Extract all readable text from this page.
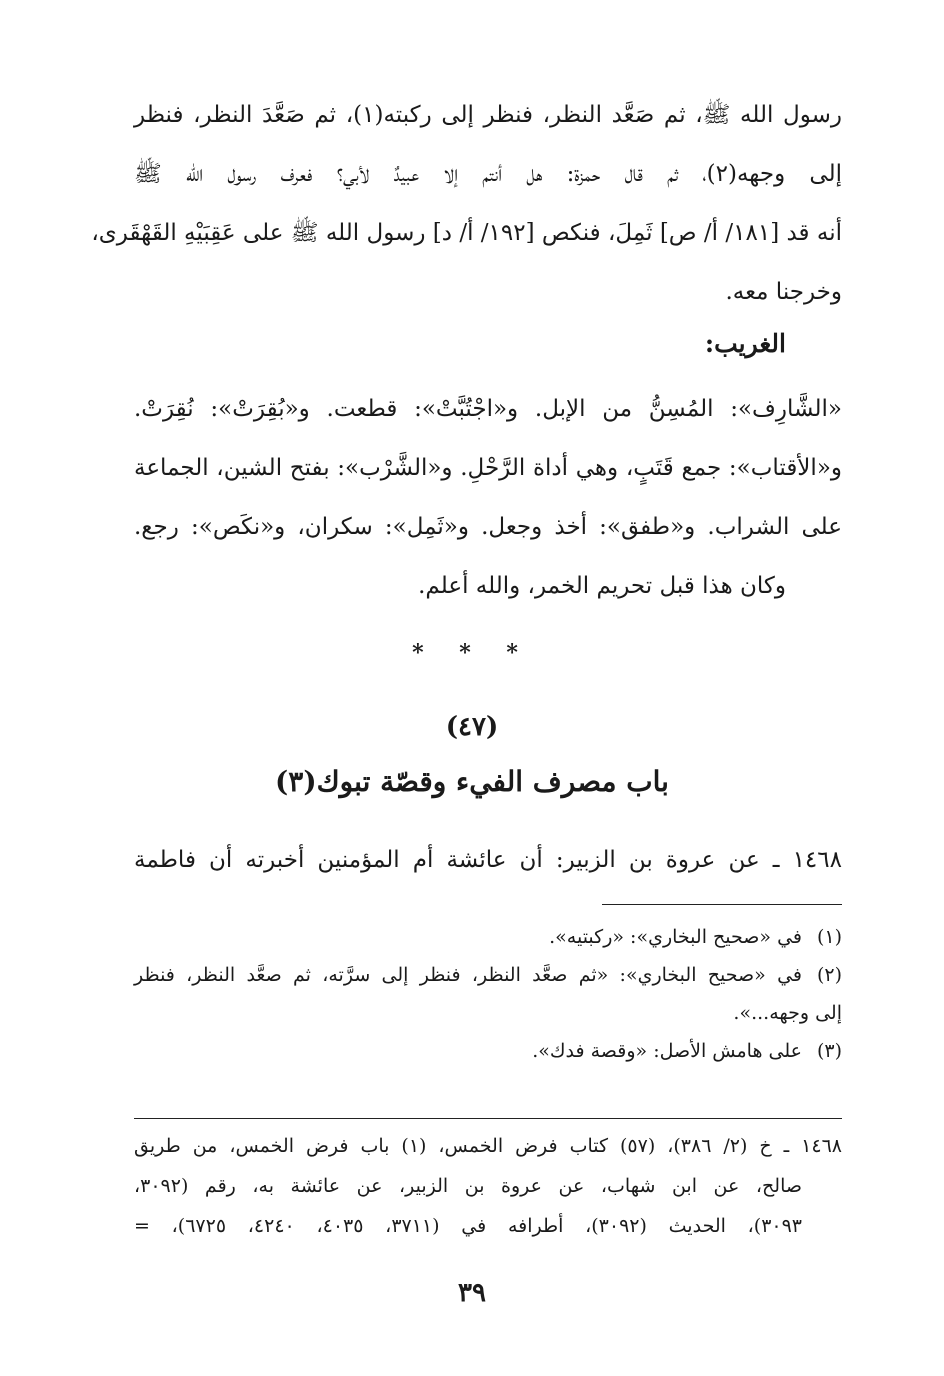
رسول الله ﷺ، ثم صَعَّد النظر، فنظر إلى ركبته(١)، ثم صَعَّدَ النظر، فنظر
إلى وجهه(٢)، ثم قال حمزة: هل أنتم إلا عبيدٌ لأبي؟ فعرف رسول الله ﷺ
أنه قد [١٨١/ أ/ ص] ثَمِلَ، فنكص [١٩٢/ أ/ د] رسول الله ﷺ على عَقِبَيْهِ القَهْقَرى،
وخرجنا معه.
الغريب:
«الشَّارِف»: المُسِنُّ من الإبل. و«اجْتُبَّتْ»: قطعت. و«بُقِرَتْ»: نُقِرَتْ.
و«الأقتاب»: جمع قَتَبٍ، وهي أداة الرَّحْلِ. و«الشَّرْب»: بفتح الشين، الجماعة
على الشراب. و«طفق»: أخذ وجعل. و«ثَمِل»: سكران، و«نكَص»: رجع.
وكان هذا قبل تحريم الخمر، والله أعلم.
* * *
(٤٧)
باب مصرف الفيء وقصّة تبوك(٣)
١٤٦٨ ـ عن عروة بن الزبير: أن عائشة أم المؤمنين أخبرته أن فاطمة
(١)في «صحيح البخاري»: «ركبتيه».
(٢)في «صحيح البخاري»: «ثم صعَّد النظر، فنظر إلى سرَّته، ثم صعَّد النظر، فنظر
إلى وجهه...».
(٣)على هامش الأصل: «وقصة فدك».
١٤٦٨ ـ خ (٢/ ٣٨٦)، (٥٧) كتاب فرض الخمس، (١) باب فرض الخمس، من طريق
صالح، عن ابن شهاب، عن عروة بن الزبير، عن عائشة به، رقم (٣٠٩٢،
٣٠٩٣)، الحديث (٣٠٩٢)، أطرافه في (٣٧١١، ٤٠٣٥، ٤٢٤٠، ٦٧٢٥)، =
٣٩
